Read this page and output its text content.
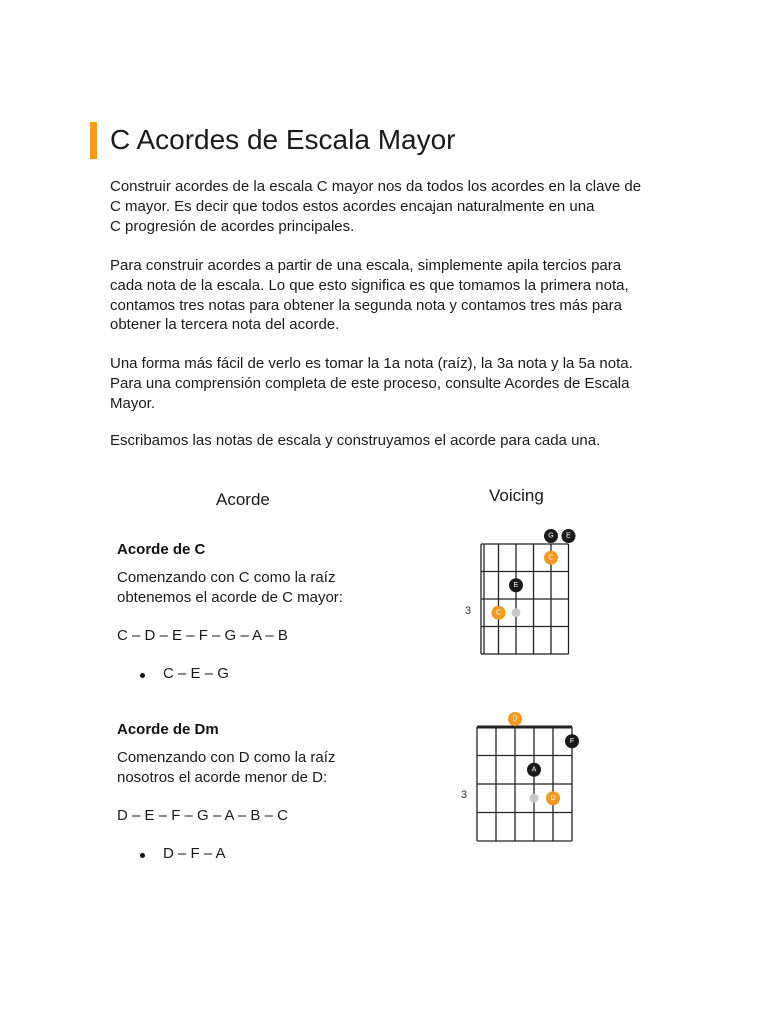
C Acordes de Escala Mayor

Construir acordes de la escala C mayor nos da todos los acordes en la clave de
C mayor. Es decir que todos estos acordes encajan naturalmente en una
C progresión de acordes principales.

Para construir acordes a partir de una escala, simplemente apila tercios para
cada nota de la escala. Lo que esto significa es que tomamos la primera nota,
contamos tres notas para obtener la segunda nota y contamos tres más para
obtener la tercera nota del acorde.

Una forma más fácil de verlo es tomar la 1a nota (raíz), la 3a nota y la 5a nota.
Para una comprensión completa de este proceso, consulte Acordes de Escala
Mayor.

Escribamos las notas de escala y construyamos el acorde para cada una.

Acorde	Voicing
Acorde de C

Comenzando con C como la raíz
obtenemos el acorde de C mayor:

C – D – E – F – G – A – B

C – E – G
Acorde de Dm

Comenzando con D como la raíz
nosotros el acorde menor de D:

D – E – F – G – A – B – C

D – F – A
3
G E
C
E
C
3
D
F
A
D
